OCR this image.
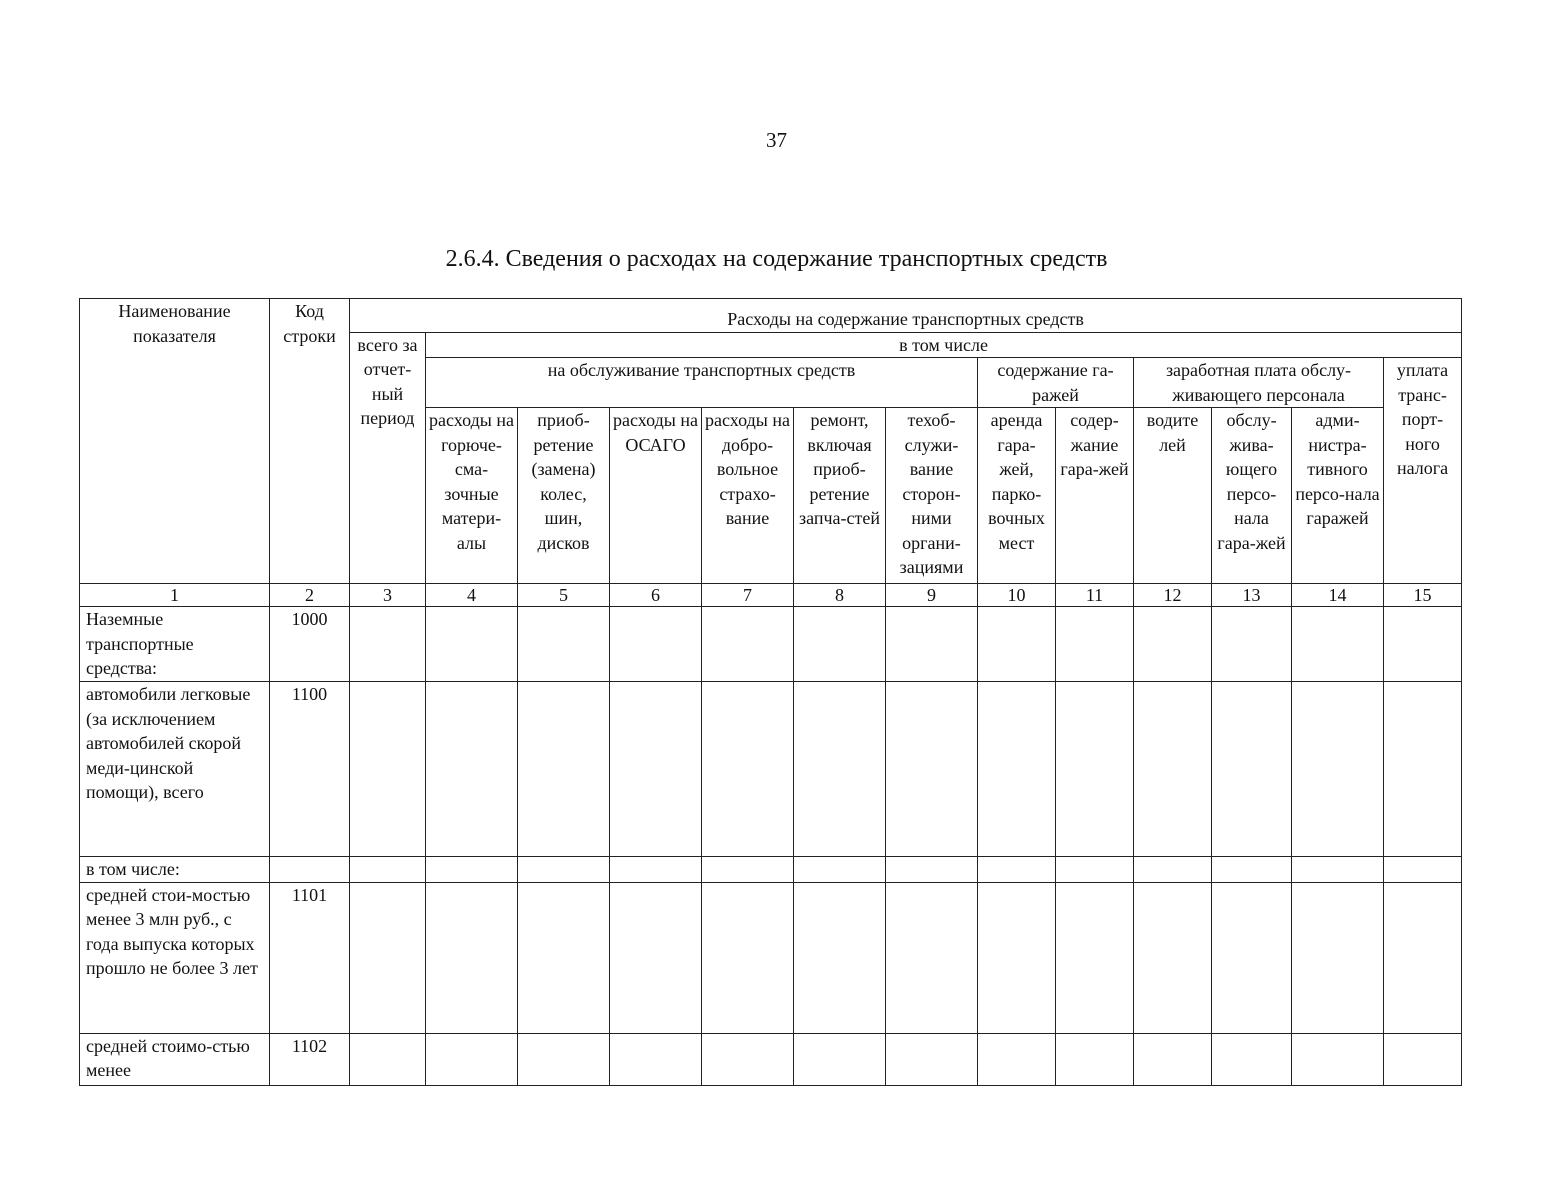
37
2.6.4. Сведения о расходах на содержание транспортных средств
Наименование показателя	Код строки	Расходы на содержание транспортных средств												
		всего за отчет-ный период	в том числе											
			на обслуживание транспортных средств						содержание га-ражей		заработная плата обслу-живающего персонала			уплата транс-порт-ного налога
			расходы на горюче-сма-зочные матери-алы	приоб-ретение (замена) колес, шин, дисков	расходы на ОСАГО	расходы на добро-вольное страхо-вание	ремонт, включая приоб-ретение запча-стей	техоб-служи-вание сторон-ними органи-зациями	аренда гара-жей, парко-вочных мест	содер-жание гара-жей	водите лей	обслу-жива-ющего персо-нала гара-жей	адми-нистра-тивного персо-нала гаражей	

1	2	3	4	5	6	7	8	9	10	11	12	13	14	15
Наземные транспортные средства:	1000													
автомобили легковые (за исключением автомобилей скорой меди-цинской помощи), всего	1100													
в том числе:														
средней стои-мостью менее 3 млн руб., с года выпуска которых прошло не более 3 лет	1101													
средней стоимо-стью менее	1102													
